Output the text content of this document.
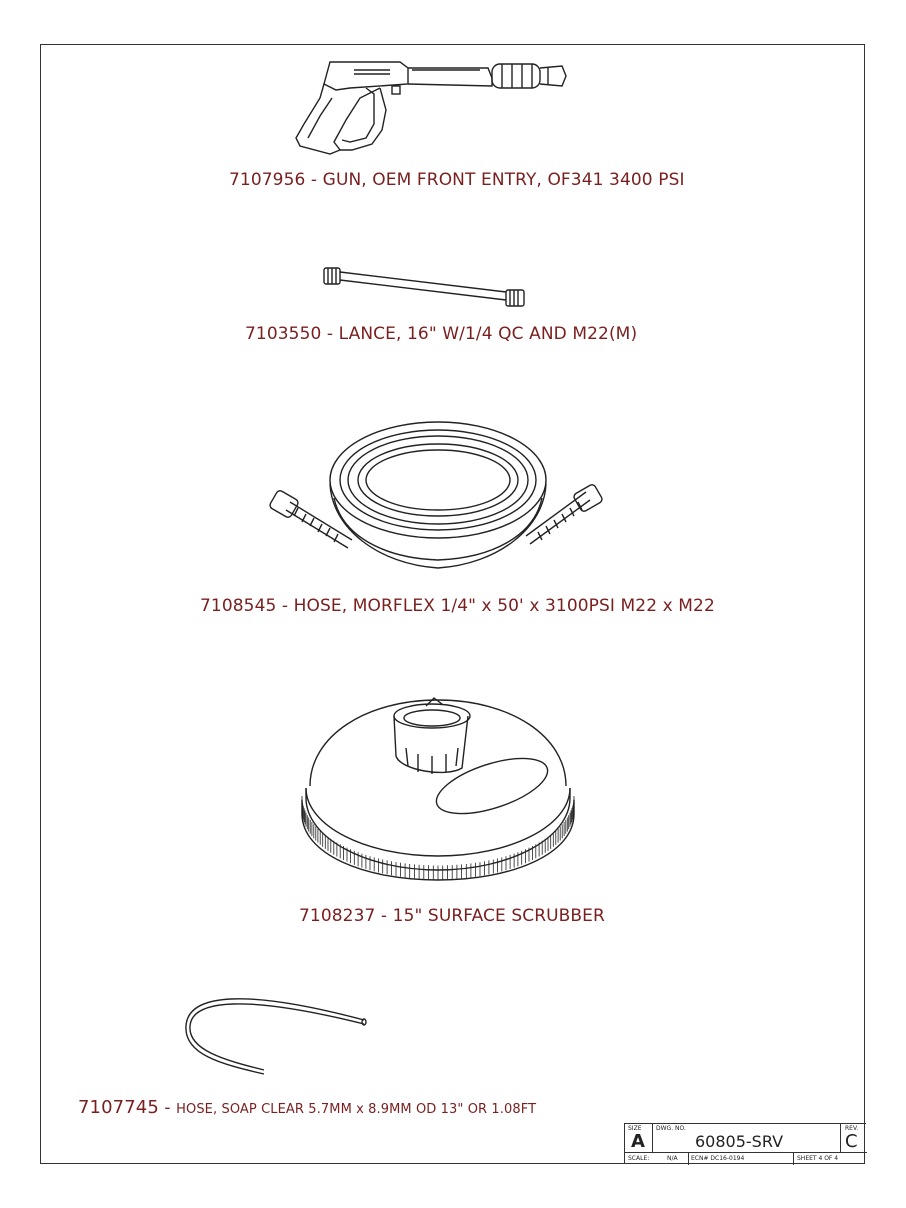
7107956 - GUN, OEM FRONT ENTRY, OF341 3400 PSI
7103550 - LANCE, 16" W/1/4 QC AND M22(M)
7108545 - HOSE, MORFLEX 1/4" x 50' x 3100PSI M22 x M22
7108237 - 15" SURFACE SCRUBBER
7107745 - HOSE, SOAP CLEAR 5.7MM x 8.9MM OD 13" OR 1.08FT
SIZE
A
DWG. NO.
60805-SRV
REV.
C
SCALE:	N/A ECN# DC16-0194	SHEET 4 OF 4
